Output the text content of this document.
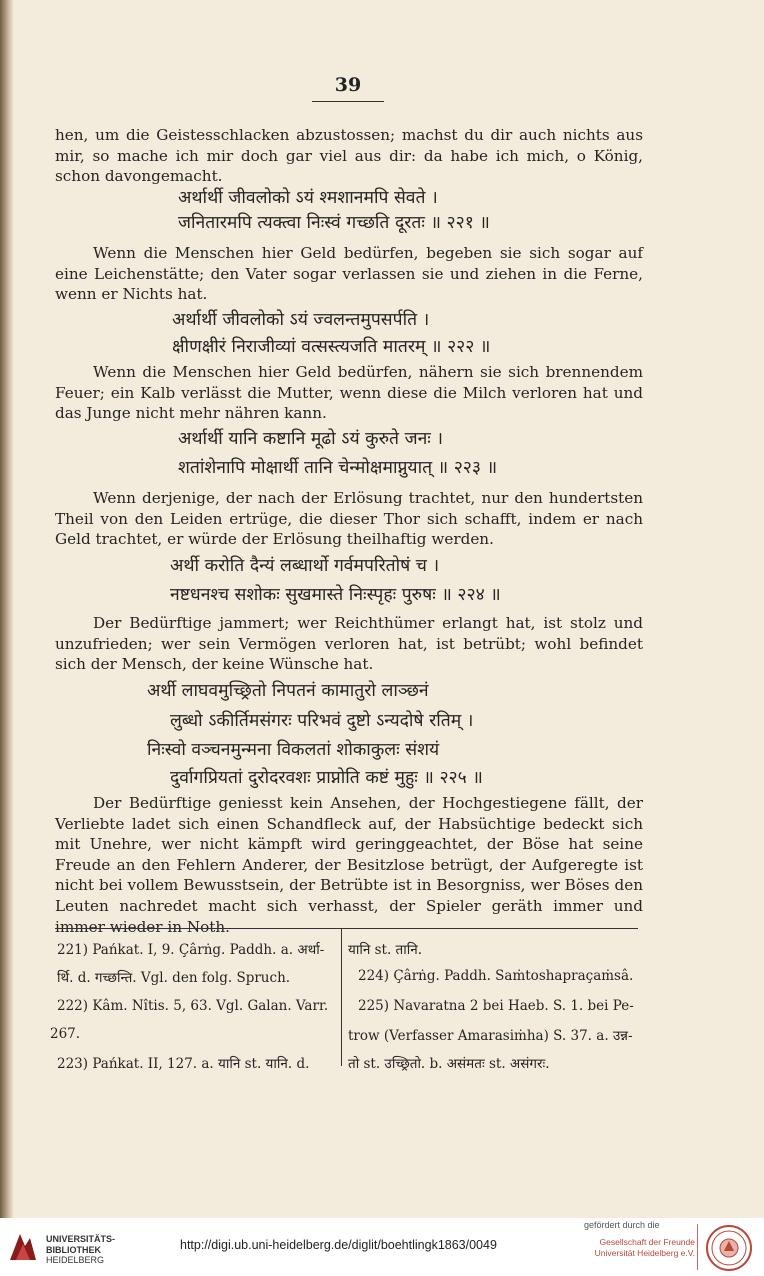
39

hen, um die Geistesschlacken abzustossen; machst du dir auch nichts aus mir, so mache ich mir doch gar viel aus dir: da habe ich mich, o König, schon davongemacht.

अर्थार्थी जीवलोको ऽयं श्मशानमपि सेवते ।

जनितारमपि त्यक्त्वा निःस्वं गच्छति दूरतः ॥ २२१ ॥

Wenn die Menschen hier Geld bedürfen, begeben sie sich sogar auf eine Leichenstätte; den Vater sogar verlassen sie und ziehen in die Ferne, wenn er Nichts hat.

अर्थार्थी जीवलोको ऽयं ज्वलन्तमुपसर्पति ।

क्षीणक्षीरं निराजीव्यां वत्सस्त्यजति मातरम् ॥ २२२ ॥

Wenn die Menschen hier Geld bedürfen, nähern sie sich brennendem Feuer; ein Kalb verlässt die Mutter, wenn diese die Milch verloren hat und das Junge nicht mehr nähren kann.

अर्थार्थी यानि कष्टानि मूढो ऽयं कुरुते जनः ।

शतांशेनापि मोक्षार्थी तानि चेन्मोक्षमाप्नुयात् ॥ २२३ ॥

Wenn derjenige, der nach der Erlösung trachtet, nur den hundertsten Theil von den Leiden ertrüge, die dieser Thor sich schafft, indem er nach Geld trachtet, er würde der Erlösung theilhaftig werden.

अर्थी करोति दैन्यं लब्धार्थो गर्वमपरितोषं च ।

नष्टधनश्च सशोकः सुखमास्ते निःस्पृहः पुरुषः ॥ २२४ ॥

Der Bedürftige jammert; wer Reichthümer erlangt hat, ist stolz und unzufrieden; wer sein Vermögen verloren hat, ist betrübt; wohl befindet sich der Mensch, der keine Wünsche hat.

अर्थी लाघवमुच्छ्रितो निपतनं कामातुरो लाञ्छनं

लुब्धो ऽकीर्तिमसंगरः परिभवं दुष्टो ऽन्यदोषे रतिम् ।

निःस्वो वञ्चनमुन्मना विकलतां शोकाकुलः संशयं

दुर्वागप्रियतां दुरोदरवशः प्राप्नोति कष्टं मुहुः ॥ २२५ ॥

Der Bedürftige geniesst kein Ansehen, der Hochgestiegene fällt, der Verliebte ladet sich einen Schandfleck auf, der Habsüchtige bedeckt sich mit Unehre, wer nicht kämpft wird geringgeachtet, der Böse hat seine Freude an den Fehlern Anderer, der Besitzlose betrügt, der Aufgeregte ist nicht bei vollem Bewusstsein, der Betrübte ist in Besorgniss, wer Böses den Leuten nachredet macht sich verhasst, der Spieler geräth immer und immer wieder in Noth.

221) Pańkat. I, 9. Çârṅg. Paddh. a. अर्था-

र्थि. d. गच्छन्ति. Vgl. den folg. Spruch.

222) Kâm. Nîtis. 5, 63. Vgl. Galan. Varr.

267.

223) Pańkat. II, 127. a. यानि st. यानि. d.

यानि st. तानि.

224) Çârṅg. Paddh. Saṁtoshapraçaṁsâ.

225) Navaratna 2 bei Haeb. S. 1. bei Pe-

trow (Verfasser Amarasiṁha) S. 37. a. उन्न-

तो st. उच्छ्रितो. b. असंमतः st. असंगरः.

UNIVERSITÄTS-
BIBLIOTHEK
HEIDELBERG
http://digi.ub.uni-heidelberg.de/diglit/boehtlingk1863/0049
gefördert durch die
Gesellschaft der Freunde
Universität Heidelberg e.V.
